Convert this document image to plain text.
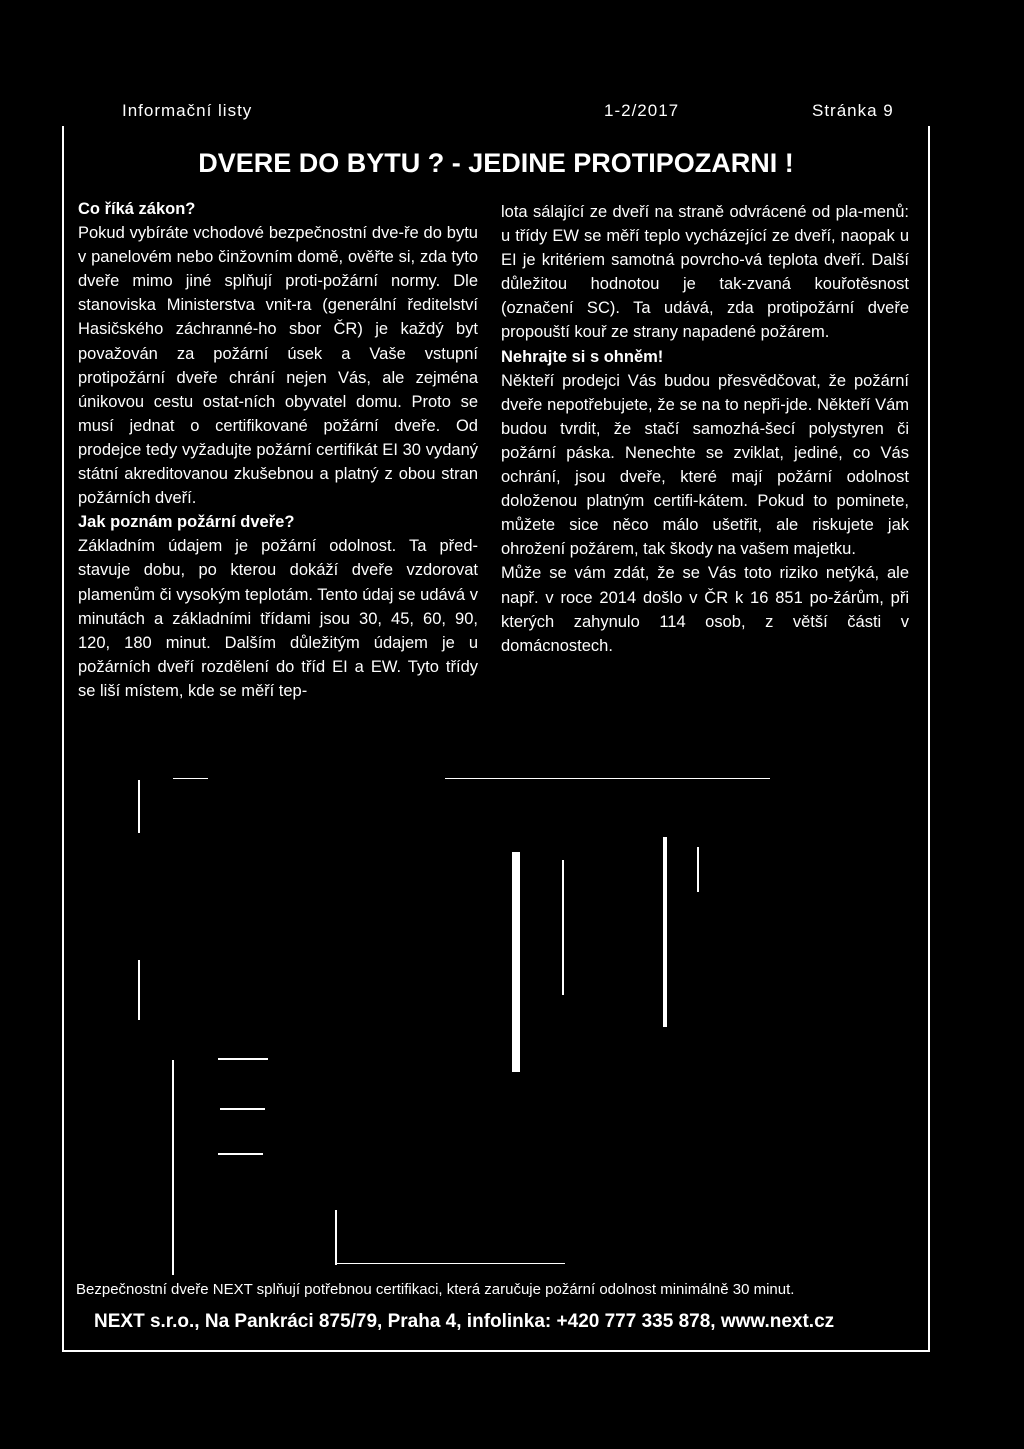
Informační listy	1-2/2017	Stránka 9
DVERE DO BYTU ? - JEDINE PROTIPOZARNI !
Co říká zákon?

Pokud vybíráte vchodové bezpečnostní dve-ře do bytu v panelovém nebo činžovním domě, ověřte si, zda tyto dveře mimo jiné splňují proti-požární normy. Dle stanoviska Ministerstva vnit-ra (generální ředitelství Hasičského záchranné-ho sbor ČR) je každý byt považován za požární úsek a Vaše vstupní protipožární dveře chrání nejen Vás, ale zejména únikovou cestu ostat-ních obyvatel domu. Proto se musí jednat o certifikované požární dveře. Od prodejce tedy vyžadujte požární certifikát EI 30 vydaný státní akreditovanou zkušebnou a platný z obou stran požárních dveří.

Jak poznám požární dveře?

Základním údajem je požární odolnost. Ta před-stavuje dobu, po kterou dokáží dveře vzdorovat plamenům či vysokým teplotám. Tento údaj se udává v minutách a základními třídami jsou 30, 45, 60, 90, 120, 180 minut. Dalším důležitým údajem je u požárních dveří rozdělení do tříd EI a EW. Tyto třídy se liší místem, kde se měří tep-

lota sálající ze dveří na straně odvrácené od pla-menů: u třídy EW se měří teplo vycházející ze dveří, naopak u EI je kritériem samotná povrcho-vá teplota dveří. Další důležitou hodnotou je tak-zvaná kouřotěsnost (označení SC). Ta udává, zda protipožární dveře propouští kouř ze strany napadené požárem.

Nehrajte si s ohněm!

Někteří prodejci Vás budou přesvědčovat, že požární dveře nepotřebujete, že se na to nepři-jde. Někteří Vám budou tvrdit, že stačí samozhá-šecí polystyren či požární páska. Nenechte se zviklat, jediné, co Vás ochrání, jsou dveře, které mají požární odolnost doloženou platným certifi-kátem. Pokud to pominete, můžete sice něco málo ušetřit, ale riskujete jak ohrožení požárem, tak škody na vašem majetku.

Může se vám zdát, že se Vás toto riziko netýká, ale např. v roce 2014 došlo v ČR k 16 851 po-žárům, při kterých zahynulo 114 osob, z větší části v domácnostech.

Bezpečnostní dveře NEXT splňují potřebnou certifikaci, která zaručuje požární odolnost minimálně 30 minut.
NEXT s.r.o., Na Pankráci 875/79, Praha 4, infolinka: +420 777 335 878, www.next.cz
